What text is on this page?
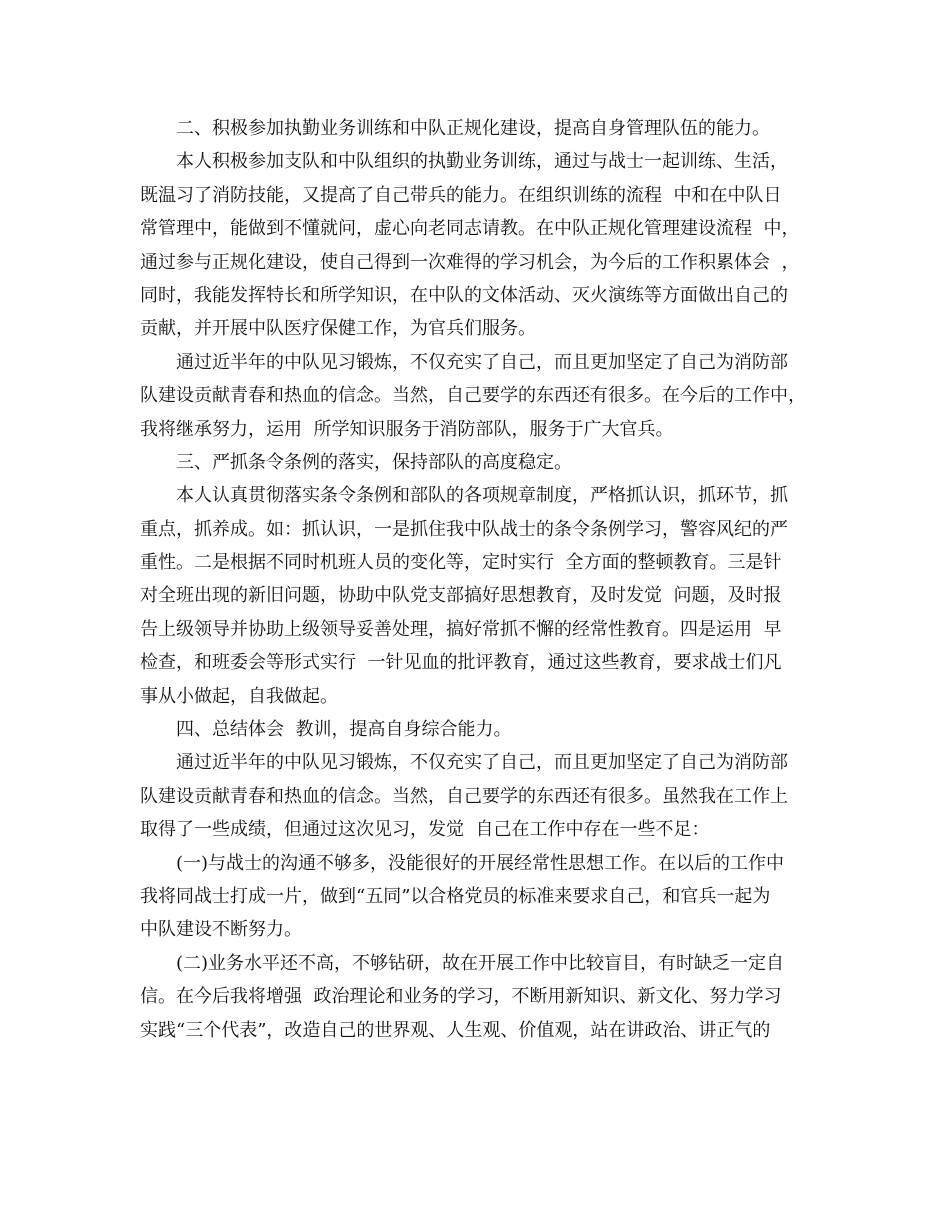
二、积极参加执勤业务训练和中队正规化建设，提高自身管理队伍的能力。
本人积极参加支队和中队组织的执勤业务训练，通过与战士一起训练、生活，
既温习了消防技能，又提高了自己带兵的能力。在组织训练的流程  中和在中队日
常管理中，能做到不懂就问，虚心向老同志请教。在中队正规化管理建设流程  中，
通过参与正规化建设，使自己得到一次难得的学习机会，为今后的工作积累体会  ，
同时，我能发挥特长和所学知识，在中队的文体活动、灭火演练等方面做出自己的
贡献，并开展中队医疗保健工作，为官兵们服务。
通过近半年的中队见习锻炼，不仅充实了自己，而且更加坚定了自己为消防部
队建设贡献青春和热血的信念。当然，自己要学的东西还有很多。在今后的工作中，
我将继承努力，运用  所学知识服务于消防部队，服务于广大官兵。
三、严抓条令条例的落实，保持部队的高度稳定。
本人认真贯彻落实条令条例和部队的各项规章制度，严格抓认识，抓环节，抓
重点，抓养成。如：抓认识，一是抓住我中队战士的条令条例学习，警容风纪的严
重性。二是根据不同时机班人员的变化等，定时实行  全方面的整顿教育。三是针
对全班出现的新旧问题，协助中队党支部搞好思想教育，及时发觉  问题，及时报
告上级领导并协助上级领导妥善处理，搞好常抓不懈的经常性教育。四是运用  早
检查，和班委会等形式实行  一针见血的批评教育，通过这些教育，要求战士们凡
事从小做起，自我做起。
四、总结体会  教训，提高自身综合能力。
通过近半年的中队见习锻炼，不仅充实了自己，而且更加坚定了自己为消防部
队建设贡献青春和热血的信念。当然，自己要学的东西还有很多。虽然我在工作上
取得了一些成绩，但通过这次见习，发觉  自己在工作中存在一些不足：
(一)与战士的沟通不够多，没能很好的开展经常性思想工作。在以后的工作中
我将同战士打成一片，做到“五同”以合格党员的标准来要求自己，和官兵一起为
中队建设不断努力。
(二)业务水平还不高，不够钻研，故在开展工作中比较盲目，有时缺乏一定自
信。在今后我将增强  政治理论和业务的学习，不断用新知识、新文化、努力学习
实践“三个代表”，改造自己的世界观、人生观、价值观，站在讲政治、讲正气的
